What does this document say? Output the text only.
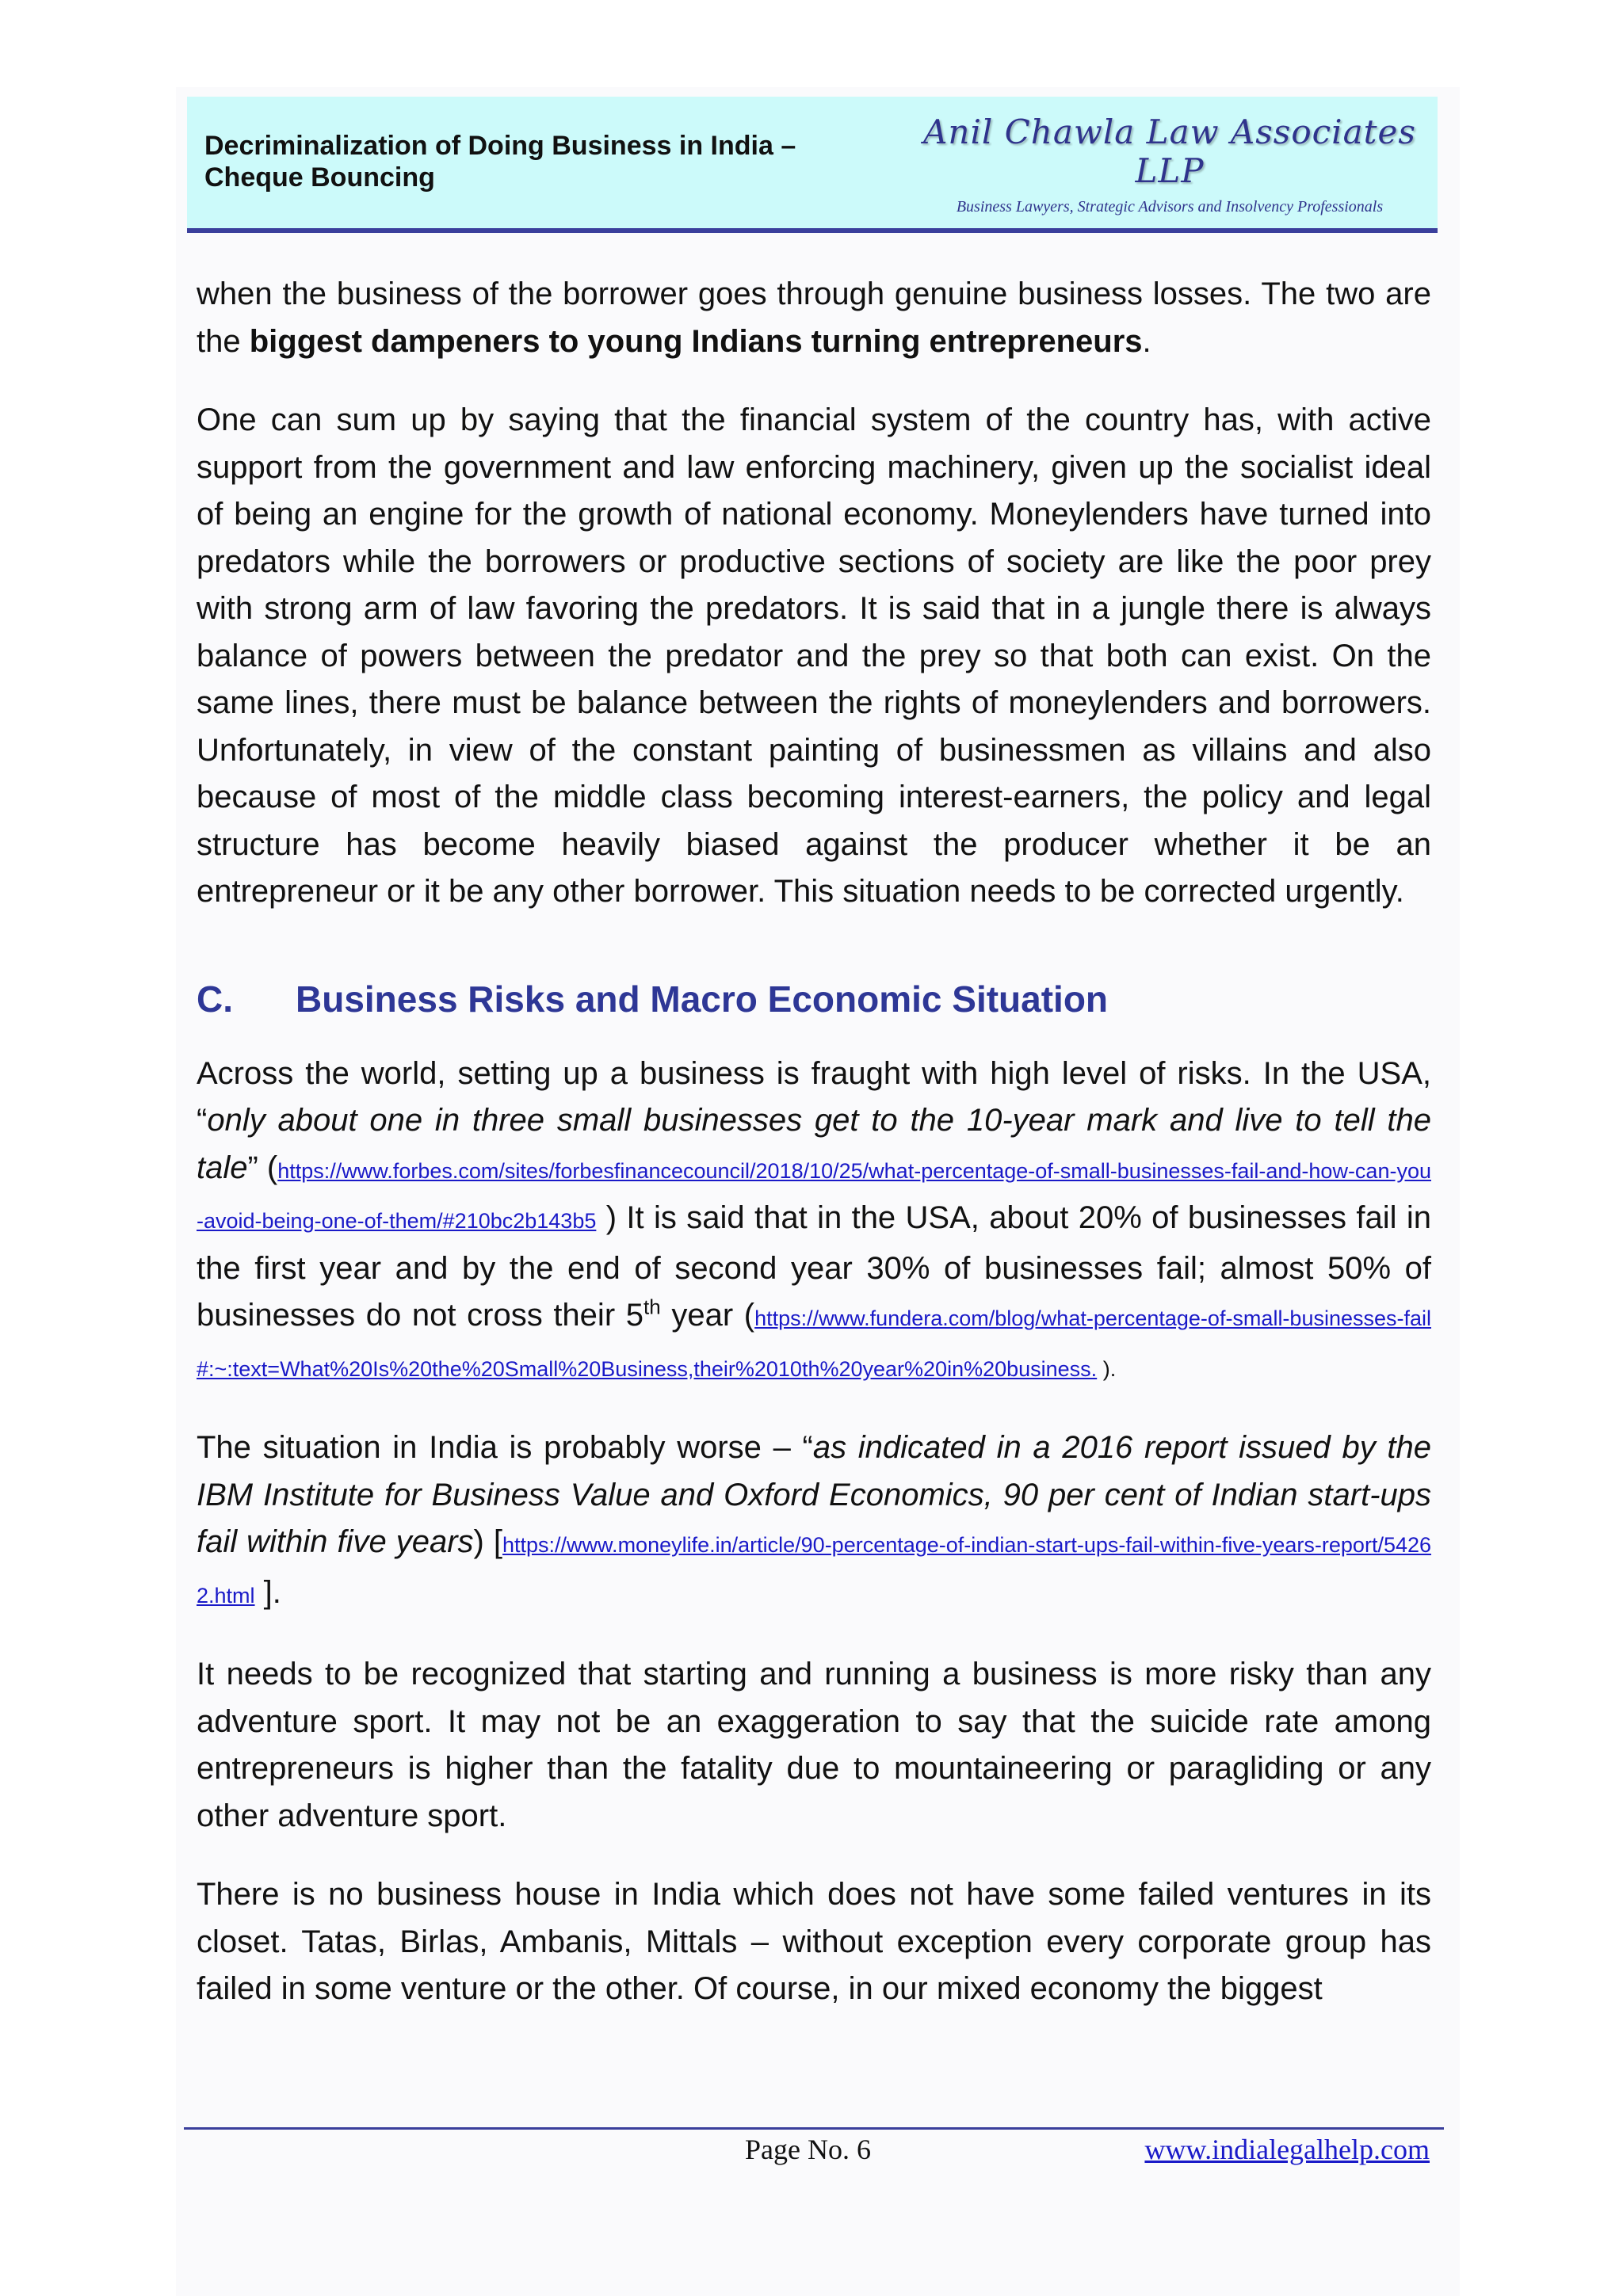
Decriminalization of Doing Business in India –
Cheque Bouncing
Anil Chawla Law Associates LLP
Business Lawyers, Strategic Advisors and Insolvency Professionals

when the business of the borrower goes through genuine business losses. The two are the biggest dampeners to young Indians turning entrepreneurs.

One can sum up by saying that the financial system of the country has, with active support from the government and law enforcing machinery, given up the socialist ideal of being an engine for the growth of national economy. Moneylenders have turned into predators while the borrowers or productive sections of society are like the poor prey with strong arm of law favoring the predators. It is said that in a jungle there is always balance of powers between the predator and the prey so that both can exist. On the same lines, there must be balance between the rights of moneylenders and borrowers. Unfortunately, in view of the constant painting of businessmen as villains and also because of most of the middle class becoming interest-earners, the policy and legal structure has become heavily biased against the producer whether it be an entrepreneur or it be any other borrower. This situation needs to be corrected urgently.

C.	Business Risks and Macro Economic Situation

Across the world, setting up a business is fraught with high level of risks. In the USA, “only about one in three small businesses get to the 10-year mark and live to tell the tale” (https://www.forbes.com/sites/forbesfinancecouncil/2018/10/25/what-percentage-of-small-businesses-fail-and-how-can-you-avoid-being-one-of-them/#210bc2b143b5 ) It is said that in the USA, about 20% of businesses fail in the first year and by the end of second year 30% of businesses fail; almost 50% of businesses do not cross their 5th year (https://www.fundera.com/blog/what-percentage-of-small-businesses-fail#:~:text=What%20Is%20the%20Small%20Business,their%2010th%20year%20in%20business. ).

The situation in India is probably worse – “as indicated in a 2016 report issued by the IBM Institute for Business Value and Oxford Economics, 90 per cent of Indian start-ups fail within five years) [https://www.moneylife.in/article/90-percentage-of-indian-start-ups-fail-within-five-years-report/54262.html ].

It needs to be recognized that starting and running a business is more risky than any adventure sport. It may not be an exaggeration to say that the suicide rate among entrepreneurs is higher than the fatality due to mountaineering or paragliding or any other adventure sport.

There is no business house in India which does not have some failed ventures in its closet. Tatas, Birlas, Ambanis, Mittals – without exception every corporate group has failed in some venture or the other. Of course, in our mixed economy the biggest

Page No. 6	www.indialegalhelp.com
